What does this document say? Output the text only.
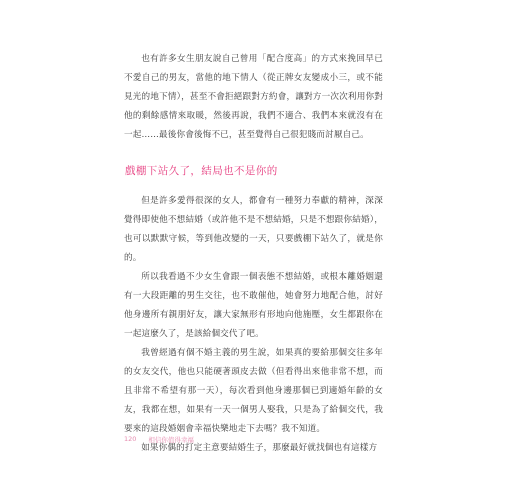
也有許多女生朋友說自己曾用「配合度高」的方式來挽回早已不愛自己的男友，當他的地下情人（從正牌女友變成小三，或不能見光的地下情），甚至不會拒絕跟對方約會，讓對方一次次利用你對他的剩餘感情來取暖，然後再說，我們不適合、我們本來就沒有在一起……最後你會後悔不已，甚至覺得自己很犯賤而討厭自己。

戲棚下站久了，結局也不是你的

但是許多愛得很深的女人，都會有一種努力奉獻的精神，深深覺得即使他不想結婚（或許他不是不想結婚，只是不想跟你結婚），也可以默默守候，等到他改變的一天，只要戲棚下站久了，就是你的。

所以我看過不少女生會跟一個表態不想結婚，或根本離婚姻還有一大段距離的男生交往，也不敢催他，她會努力地配合他，討好他身邊所有親朋好友，讓大家無形有形地向他施壓，女生都跟你在一起這麼久了，是該給個交代了吧。

我曾經過有個不婚主義的男生說，如果真的要給那個交往多年的女友交代，他也只能硬著頭皮去做（但看得出來他非常不想，而且非常不希望有那一天），每次看到他身邊那個已到適婚年齡的女友，我都在想，如果有一天一個男人娶我，只是為了給個交代，我要來的這段婚姻會幸福快樂地走下去嗎？我不知道。

如果你偶的打定主意要結婚生子，那麼最好就找個也有這樣方

120 相信你值得幸福
